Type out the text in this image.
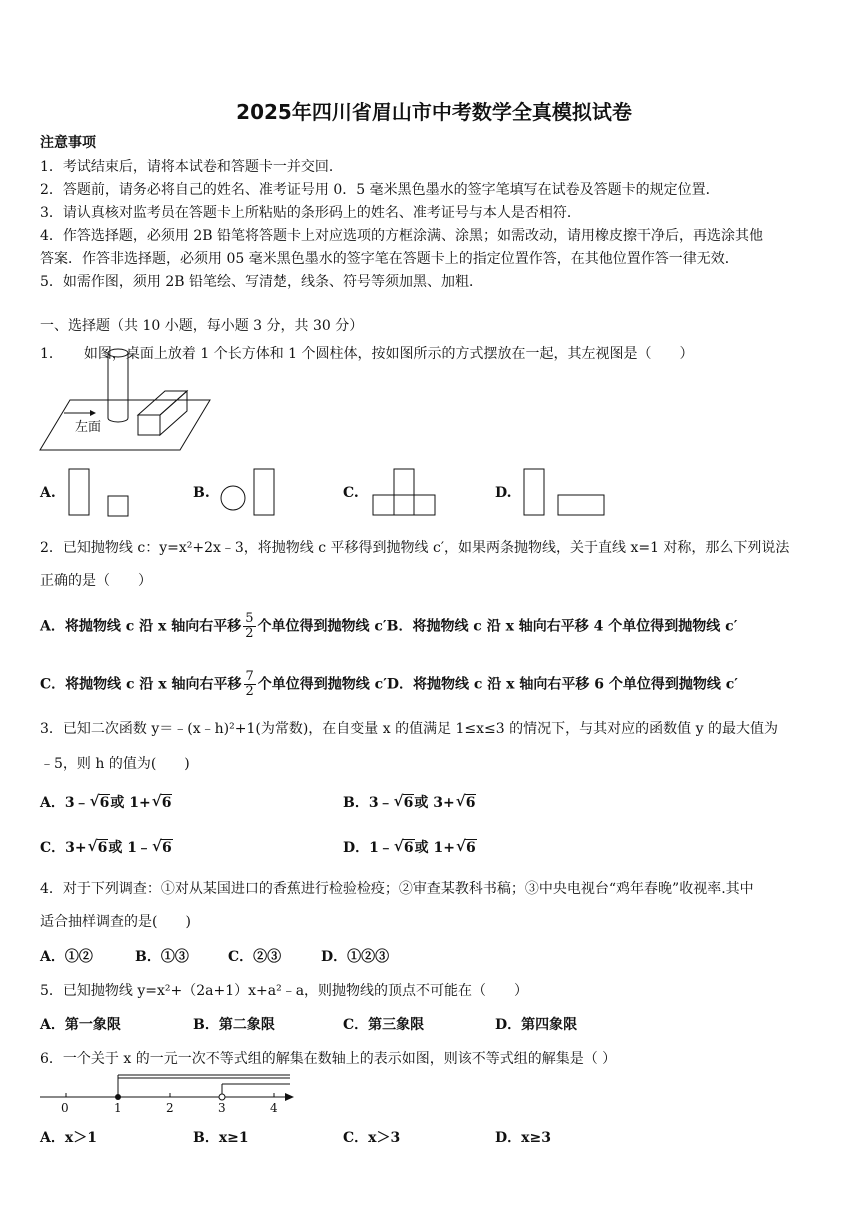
2025年四川省眉山市中考数学全真模拟试卷
注意事项
1．考试结束后，请将本试卷和答题卡一并交回．
2．答题前，请务必将自己的姓名、准考证号用 0．5 毫米黑色墨水的签字笔填写在试卷及答题卡的规定位置．
3．请认真核对监考员在答题卡上所粘贴的条形码上的姓名、准考证号与本人是否相符．
4．作答选择题，必须用 2B 铅笔将答题卡上对应选项的方框涂满、涂黑；如需改动，请用橡皮擦干净后，再选涂其他
答案．作答非选择题，必须用 05 毫米黑色墨水的签字笔在答题卡上的指定位置作答，在其他位置作答一律无效．
5．如需作图，须用 2B 铅笔绘、写清楚，线条、符号等须加黑、加粗．
一、选择题（共 10 小题，每小题 3 分，共 30 分）
1．　　如图，桌面上放着 1 个长方体和 1 个圆柱体，按如图所示的方式摆放在一起，其左视图是（　　）
左面
A.	B.	C.	D.
2．已知抛物线 c：y=x²+2x﹣3，将抛物线 c 平移得到抛物线 c′，如果两条抛物线，关于直线 x=1 对称，那么下列说法
正确的是（　　）
A．将抛物线 c 沿 x 轴向右平移 $\frac{5}{2}$ 个单位得到抛物线 c′B．将抛物线 c 沿 x 轴向右平移 4 个单位得到抛物线 c′
C．将抛物线 c 沿 x 轴向右平移 $\frac{7}{2}$ 个单位得到抛物线 c′D．将抛物线 c 沿 x 轴向右平移 6 个单位得到抛物线 c′
3．已知二次函数 y＝﹣(x﹣h)²+1(为常数)，在自变量 x 的值满足 1≤x≤3 的情况下，与其对应的函数值 y 的最大值为
﹣5，则 h 的值为(　　)
A．3﹣ √ 6或 1+ √ 6	B．3﹣ √ 6或 3+ √ 6
C．3+ √ 6或 1﹣ √ 6	D．1﹣ √ 6或 1+ √ 6
4．对于下列调查：①对从某国进口的香蕉进行检验检疫；②审查某教科书稿；③中央电视台“鸡年春晚”收视率.其中
适合抽样调查的是(　　)
A．①②	B．①③	C．②③	D．①②③
5．已知抛物线 y=x²+（2a+1）x+a²﹣a，则抛物线的顶点不可能在（　　）
A．第一象限	B．第二象限	C．第三象限	D．第四象限
6．一个关于 x 的一元一次不等式组的解集在数轴上的表示如图，则该不等式组的解集是（ ）
0	1	2	3	4
A．x＞1	B．x≥1	C．x＞3	D．x≥3
